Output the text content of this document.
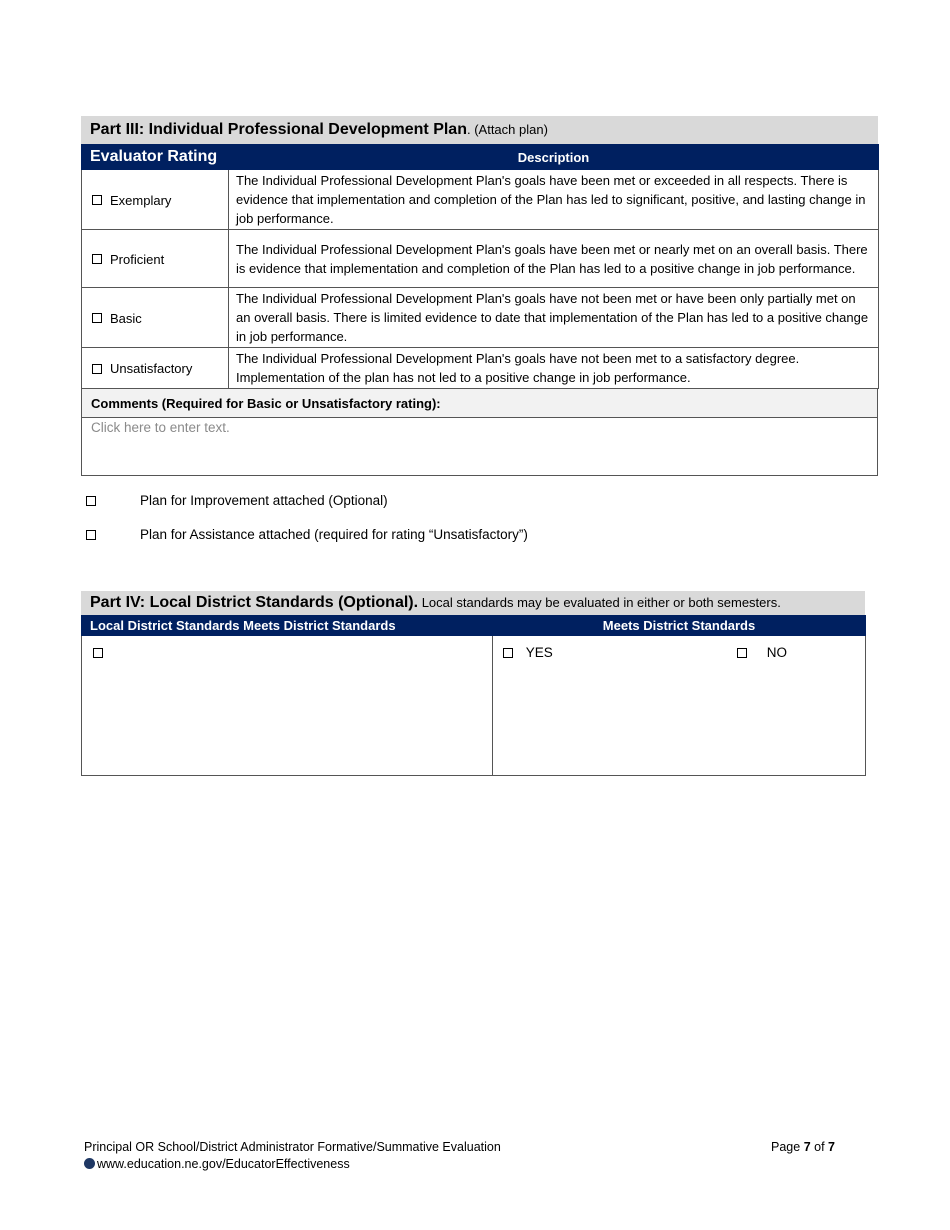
Part III: Individual Professional Development Plan. (Attach plan)
Evaluator Rating	Description
Exemplary	The Individual Professional Development Plan's goals have been met or exceeded in all respects. There is evidence that implementation and completion of the Plan has led to significant, positive, and lasting change in job performance.
Proficient	The Individual Professional Development Plan's goals have been met or nearly met on an overall basis. There is evidence that implementation and completion of the Plan has led to a positive change in job performance.
Basic	The Individual Professional Development Plan's goals have not been met or have been only partially met on an overall basis. There is limited evidence to date that implementation of the Plan has led to a positive change in job performance.
Unsatisfactory	The Individual Professional Development Plan's goals have not been met to a satisfactory degree. Implementation of the plan has not led to a positive change in job performance.
Comments (Required for Basic or Unsatisfactory rating):
Click here to enter text.
Plan for Improvement attached (Optional)
Plan for Assistance attached (required for rating “Unsatisfactory”)
Part IV: Local District Standards (Optional). Local standards may be evaluated in either or both semesters.
Local District Standards Meets District Standards	Meets District Standards

	YES NO
Principal OR School/District Administrator Formative/Summative Evaluation
www.education.ne.gov/EducatorEffectiveness
Page 7 of 7
